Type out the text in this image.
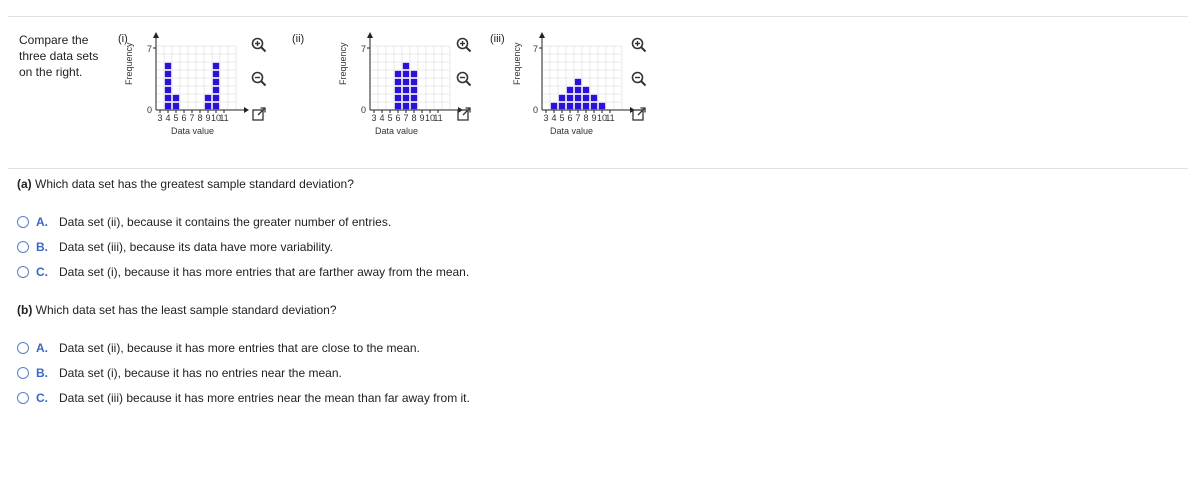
Compare the three data sets on the right.
(i)
Frequency 7
0
3 4 5 6 7 8 9 10
11
Data value
(ii)
Frequency 7
0
3 4 5 6 7 8 9 10
11
Data value
(iii)
Frequency 7
0
3 4 5 6 7 8 9 10
11
Data value
(a) Which data set has the greatest sample standard deviation?
A. Data set (ii), because it contains the greater number of entries.
B. Data set (iii), because its data have more variability.
C. Data set (i), because it has more entries that are farther away from the mean.
(b) Which data set has the least sample standard deviation?
A. Data set (ii), because it has more entries that are close to the mean.
B. Data set (i), because it has no entries near the mean.
C. Data set (iii) because it has more entries near the mean than far away from it.
